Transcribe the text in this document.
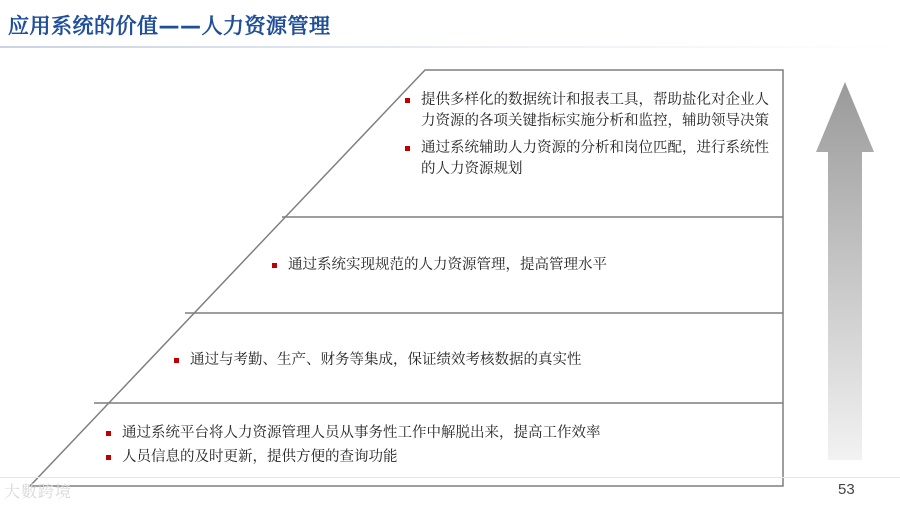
应用系统的价值——人力资源管理
提供多样化的数据统计和报表工具，帮助盐化对企业人力资源的各项关键指标实施分析和监控，辅助领导决策
通过系统辅助人力资源的分析和岗位匹配，进行系统性的人力资源规划
通过系统实现规范的人力资源管理，提高管理水平
通过与考勤、生产、财务等集成，保证绩效考核数据的真实性
通过系统平台将人力资源管理人员从事务性工作中解脱出来，提高工作效率
人员信息的及时更新，提供方便的查询功能
大數跨境	53
